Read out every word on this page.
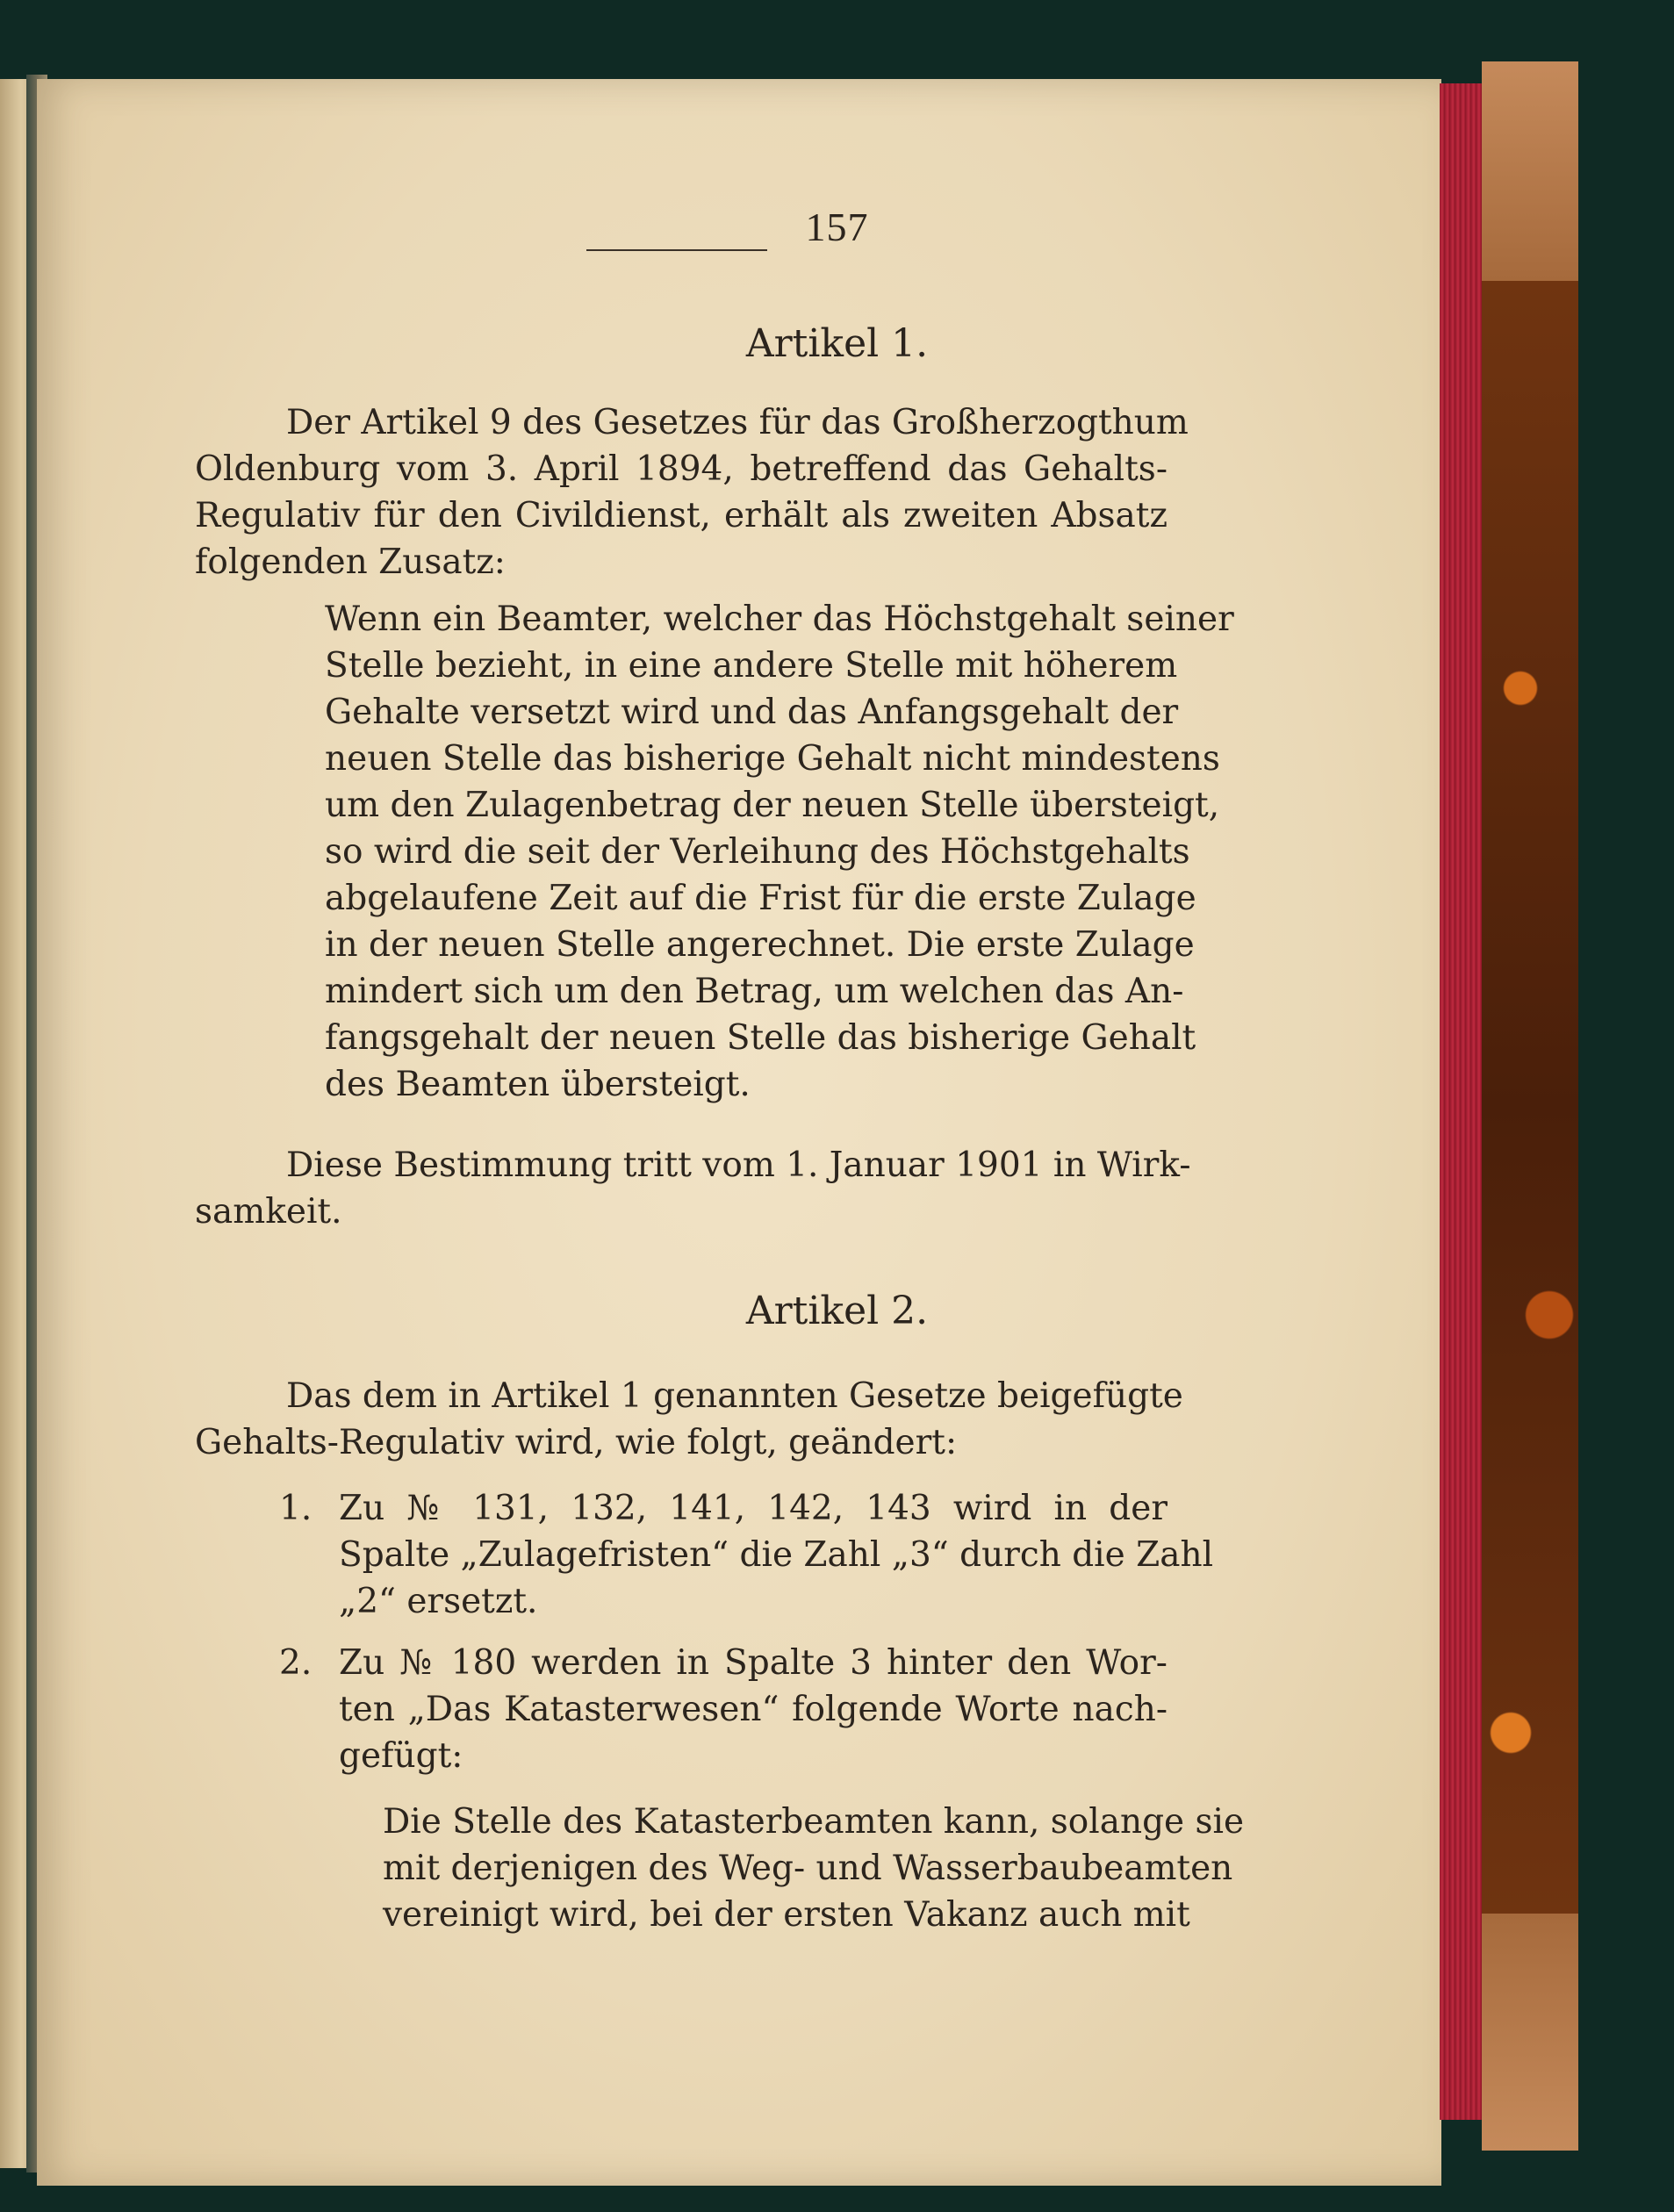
157
Artikel 1.
Der Artikel 9 des Gesetzes für das Großherzogthum
Oldenburg vom 3. April 1894, betreffend das Gehalts-
Regulativ für den Civildienst, erhält als zweiten Absatz
folgenden Zusatz:
Wenn ein Beamter, welcher das Höchstgehalt seiner
Stelle bezieht, in eine andere Stelle mit höherem
Gehalte versetzt wird und das Anfangsgehalt der
neuen Stelle das bisherige Gehalt nicht mindestens
um den Zulagenbetrag der neuen Stelle übersteigt,
so wird die seit der Verleihung des Höchstgehalts
abgelaufene Zeit auf die Frist für die erste Zulage
in der neuen Stelle angerechnet. Die erste Zulage
mindert sich um den Betrag, um welchen das An-
fangsgehalt der neuen Stelle das bisherige Gehalt
des Beamten übersteigt.
Diese Bestimmung tritt vom 1. Januar 1901 in Wirk-
samkeit.
Artikel 2.
Das dem in Artikel 1 genannten Gesetze beigefügte
Gehalts-Regulativ wird, wie folgt, geändert:
1. Zu № 131, 132, 141, 142, 143 wird in der
Spalte „Zulagefristen“ die Zahl „3“ durch die Zahl
„2“ ersetzt.
2. Zu № 180 werden in Spalte 3 hinter den Wor-
ten „Das Katasterwesen“ folgende Worte nach-
gefügt:
Die Stelle des Katasterbeamten kann, solange sie
mit derjenigen des Weg- und Wasserbaubeamten
vereinigt wird, bei der ersten Vakanz auch mit
